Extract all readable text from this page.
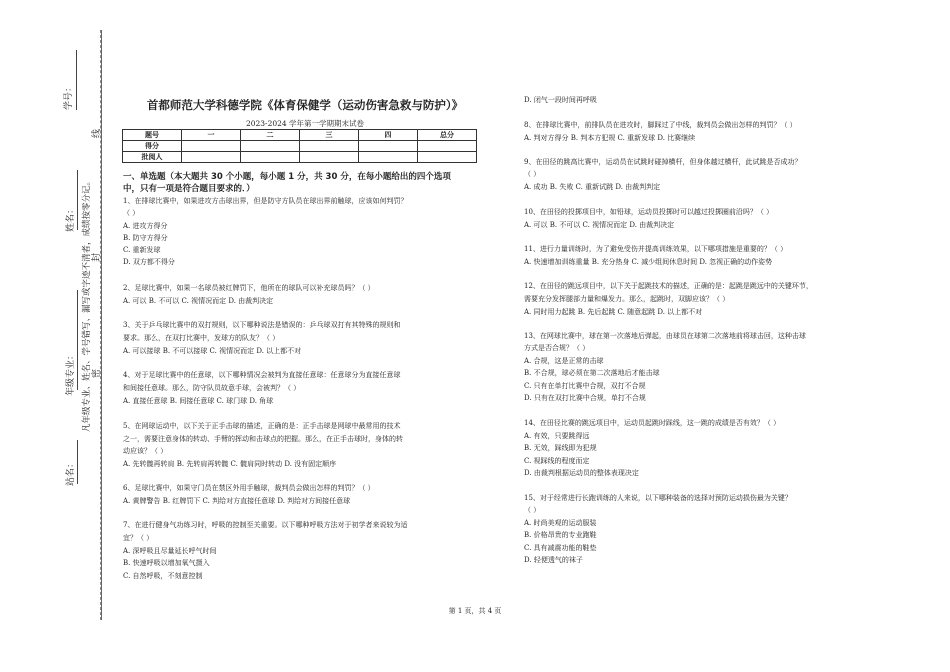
学号：
凡年级专业、姓名、学号错写、漏写或字迹不清者，成绩按零分记。
线
封
密
姓名：
年级专业：
站名：
首都师范大学科德学院《体育保健学（运动伤害急救与防护）》
2023-2024 学年第一学期期末试卷
题号	一	二	三	四	总分
得分					
批阅人					
一、单选题（本大题共 30 个小题，每小题 1 分，共 30 分，在每小题给出的四个选项中，只有一项是符合题目要求的．）
1、在排球比赛中，如果进攻方击球出界，但是防守方队员在球出界前触球，应该如何判罚？
（ ）
A. 进攻方得分
B. 防守方得分
C. 重新发球
D. 双方都不得分
2、足球比赛中，如果一名球员被红牌罚下，他所在的球队可以补充球员吗？（ ）
A. 可以 B. 不可以 C. 视情况而定 D. 由裁判决定
3、关于乒乓球比赛中的双打规则，以下哪种说法是错误的：乒乓球双打有其特殊的规则和
要求。那么，在双打比赛中，发球方的队友？（ ）
A. 可以接球 B. 不可以接球 C. 视情况而定 D. 以上都不对
4、对于足球比赛中的任意球，以下哪种情况会被判为直接任意球：任意球分为直接任意球
和间接任意球。那么，防守队员故意手球，会被判？（ ）
A. 直接任意球 B. 间接任意球 C. 球门球 D. 角球
5、在网球运动中，以下关于正手击球的描述，正确的是：正手击球是网球中最常用的技术
之一，需要注意身体的转动、手臂的挥动和击球点的把握。那么，在正手击球时，身体的转
动应该？（ ）
A. 先转髋再转肩 B. 先转肩再转髋 C. 髋肩同时转动 D. 没有固定顺序
6、足球比赛中，如果守门员在禁区外用手触球，裁判员会做出怎样的判罚？（ ）
A. 黄牌警告 B. 红牌罚下 C. 判给对方直接任意球 D. 判给对方间接任意球
7、在进行健身气功练习时，呼吸的控制至关重要。以下哪种呼吸方法对于初学者来说较为适
宜？（ ）
A. 深呼吸且尽量延长呼气时间
B. 快速呼吸以增加氧气摄入
C. 自然呼吸，不刻意控制
D. 闭气一段时间再呼吸
8、在排球比赛中，前排队员在进攻时，脚踩过了中线，裁判员会做出怎样的判罚？（ ）
A. 判对方得分 B. 判本方犯规 C. 重新发球 D. 比赛继续
9、在田径的跳高比赛中，运动员在试跳时碰掉横杆，但身体越过横杆，此试跳是否成功？
（ ）
A. 成功 B. 失败 C. 重新试跳 D. 由裁判判定
10、在田径的投掷项目中，如铅球，运动员投掷时可以越过投掷圈前沿吗？（ ）
A. 可以 B. 不可以 C. 视情况而定 D. 由裁判决定
11、进行力量训练时，为了避免受伤并提高训练效果，以下哪项措施是重要的？（ ）
A. 快速增加训练重量 B. 充分热身 C. 减少组间休息时间 D. 忽视正确的动作姿势
12、在田径的跳远项目中，以下关于起跳技术的描述，正确的是：起跳是跳远中的关键环节，
需要充分发挥腿部力量和爆发力。那么，起跳时，双脚应该？（ ）
A. 同时用力起跳 B. 先后起跳 C. 随意起跳 D. 以上都不对
13、在网球比赛中，球在第一次落地后弹起，由球员在球第二次落地前将球击回，这种击球
方式是否合规？（ ）
A. 合规，这是正常的击球
B. 不合规，球必须在第二次落地后才能击球
C. 只有在单打比赛中合规，双打不合规
D. 只有在双打比赛中合规，单打不合规
14、在田径比赛的跳远项目中，运动员起跳时踩线，这一跳的成绩是否有效？（ ）
A. 有效，只要跳得远
B. 无效，踩线即为犯规
C. 视踩线的程度而定
D. 由裁判根据运动员的整体表现决定
15、对于经常进行长跑训练的人来说，以下哪种装备的选择对预防运动损伤最为关键？
（ ）
A. 时尚美观的运动服装
B. 价格昂贵的专业跑鞋
C. 具有减震功能的鞋垫
D. 轻便透气的袜子
第 1 页，共 4 页
